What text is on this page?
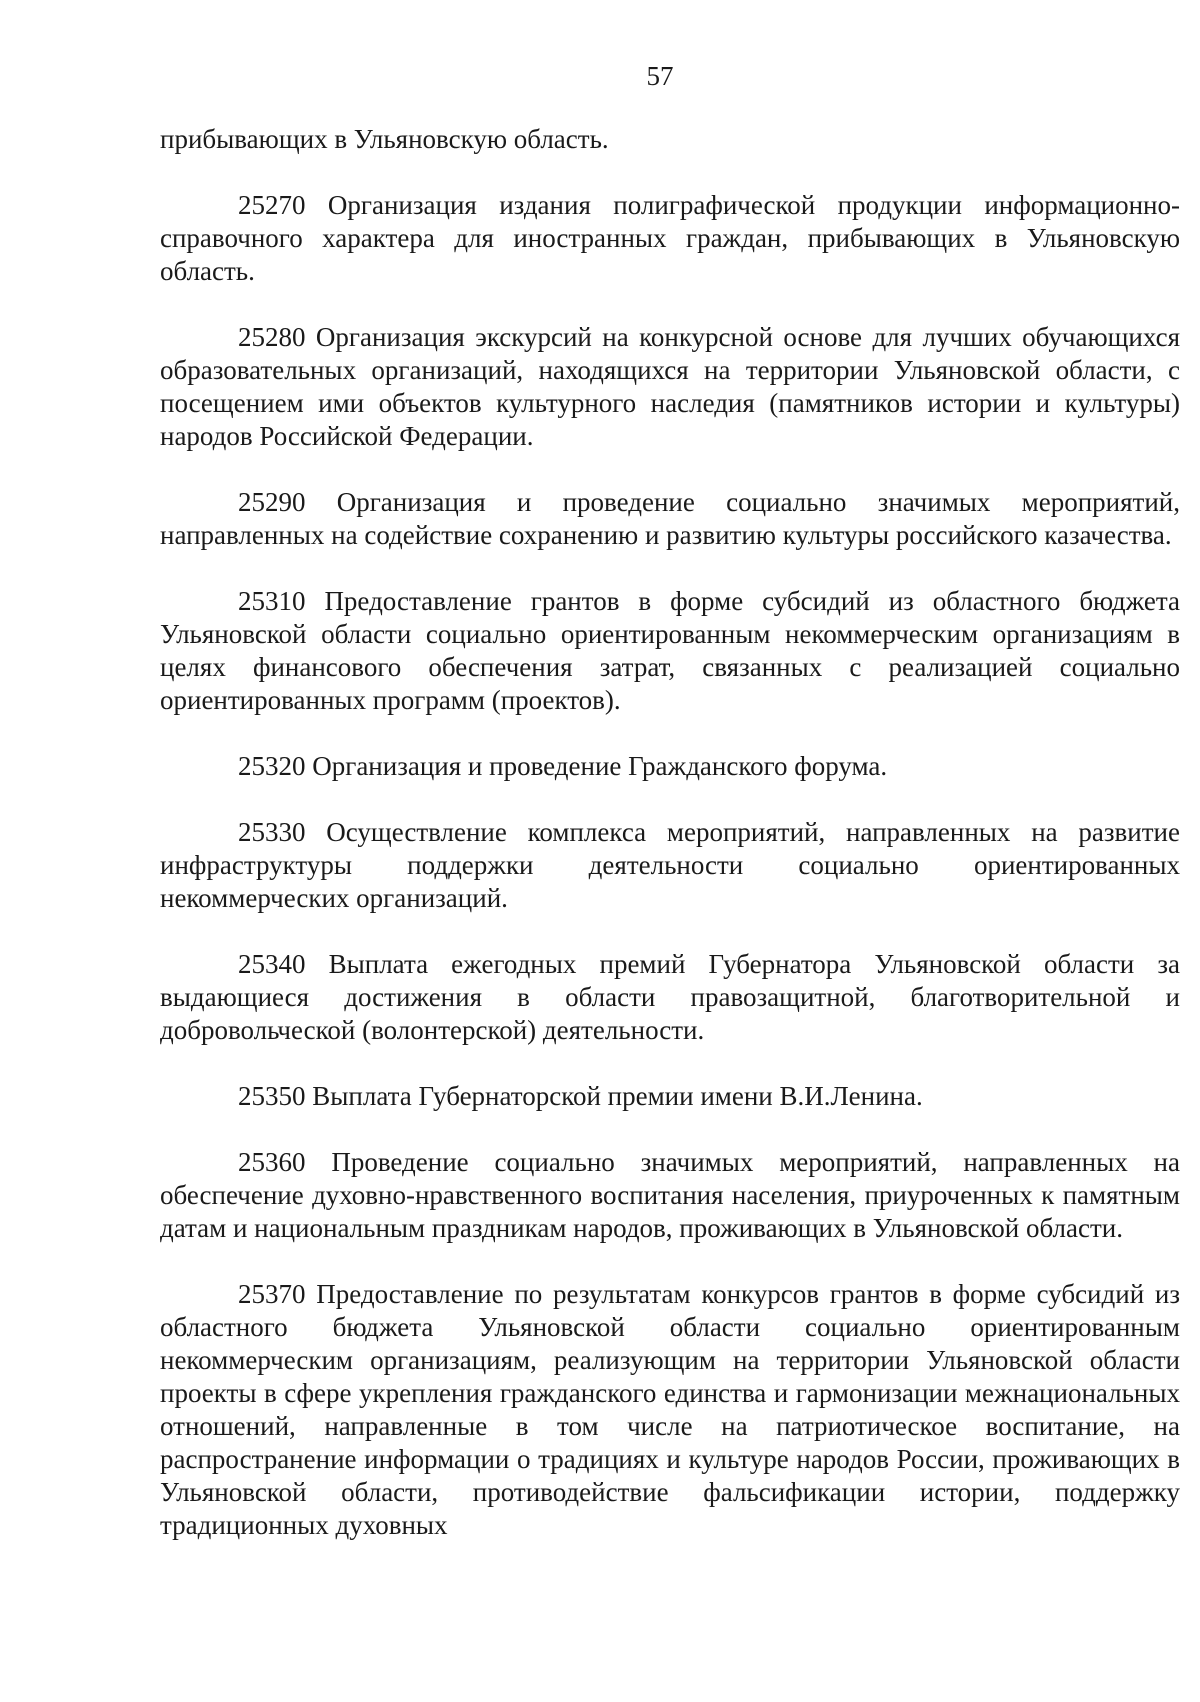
57

прибывающих в Ульяновскую область.

25270 Организация издания полиграфической продукции информационно-справочного характера для иностранных граждан, прибывающих в Ульяновскую область.

25280 Организация экскурсий на конкурсной основе для лучших обучающихся образовательных организаций, находящихся на территории Ульяновской области, с посещением ими объектов культурного наследия (памятников истории и культуры) народов Российской Федерации.

25290 Организация и проведение социально значимых мероприятий, направленных на содействие сохранению и развитию культуры российского казачества.

25310 Предоставление грантов в форме субсидий из областного бюджета Ульяновской области социально ориентированным некоммерческим организациям в целях финансового обеспечения затрат, связанных с реализацией социально ориентированных программ (проектов).

25320 Организация и проведение Гражданского форума.

25330 Осуществление комплекса мероприятий, направленных на развитие инфраструктуры поддержки деятельности социально ориентированных некоммерческих организаций.

25340 Выплата ежегодных премий Губернатора Ульяновской области за выдающиеся достижения в области правозащитной, благотворительной и добровольческой (волонтерской) деятельности.

25350 Выплата Губернаторской премии имени В.И.Ленина.

25360 Проведение социально значимых мероприятий, направленных на обеспечение духовно-нравственного воспитания населения, приуроченных к памятным датам и национальным праздникам народов, проживающих в Ульяновской области.

25370 Предоставление по результатам конкурсов грантов в форме субсидий из областного бюджета Ульяновской области социально ориентированным некоммерческим организациям, реализующим на территории Ульяновской области проекты в сфере укрепления гражданского единства и гармонизации межнациональных отношений, направленные в том числе на патриотическое воспитание, на распространение информации о традициях и культуре народов России, проживающих в Ульяновской области, противодействие фальсификации истории, поддержку традиционных духовных
